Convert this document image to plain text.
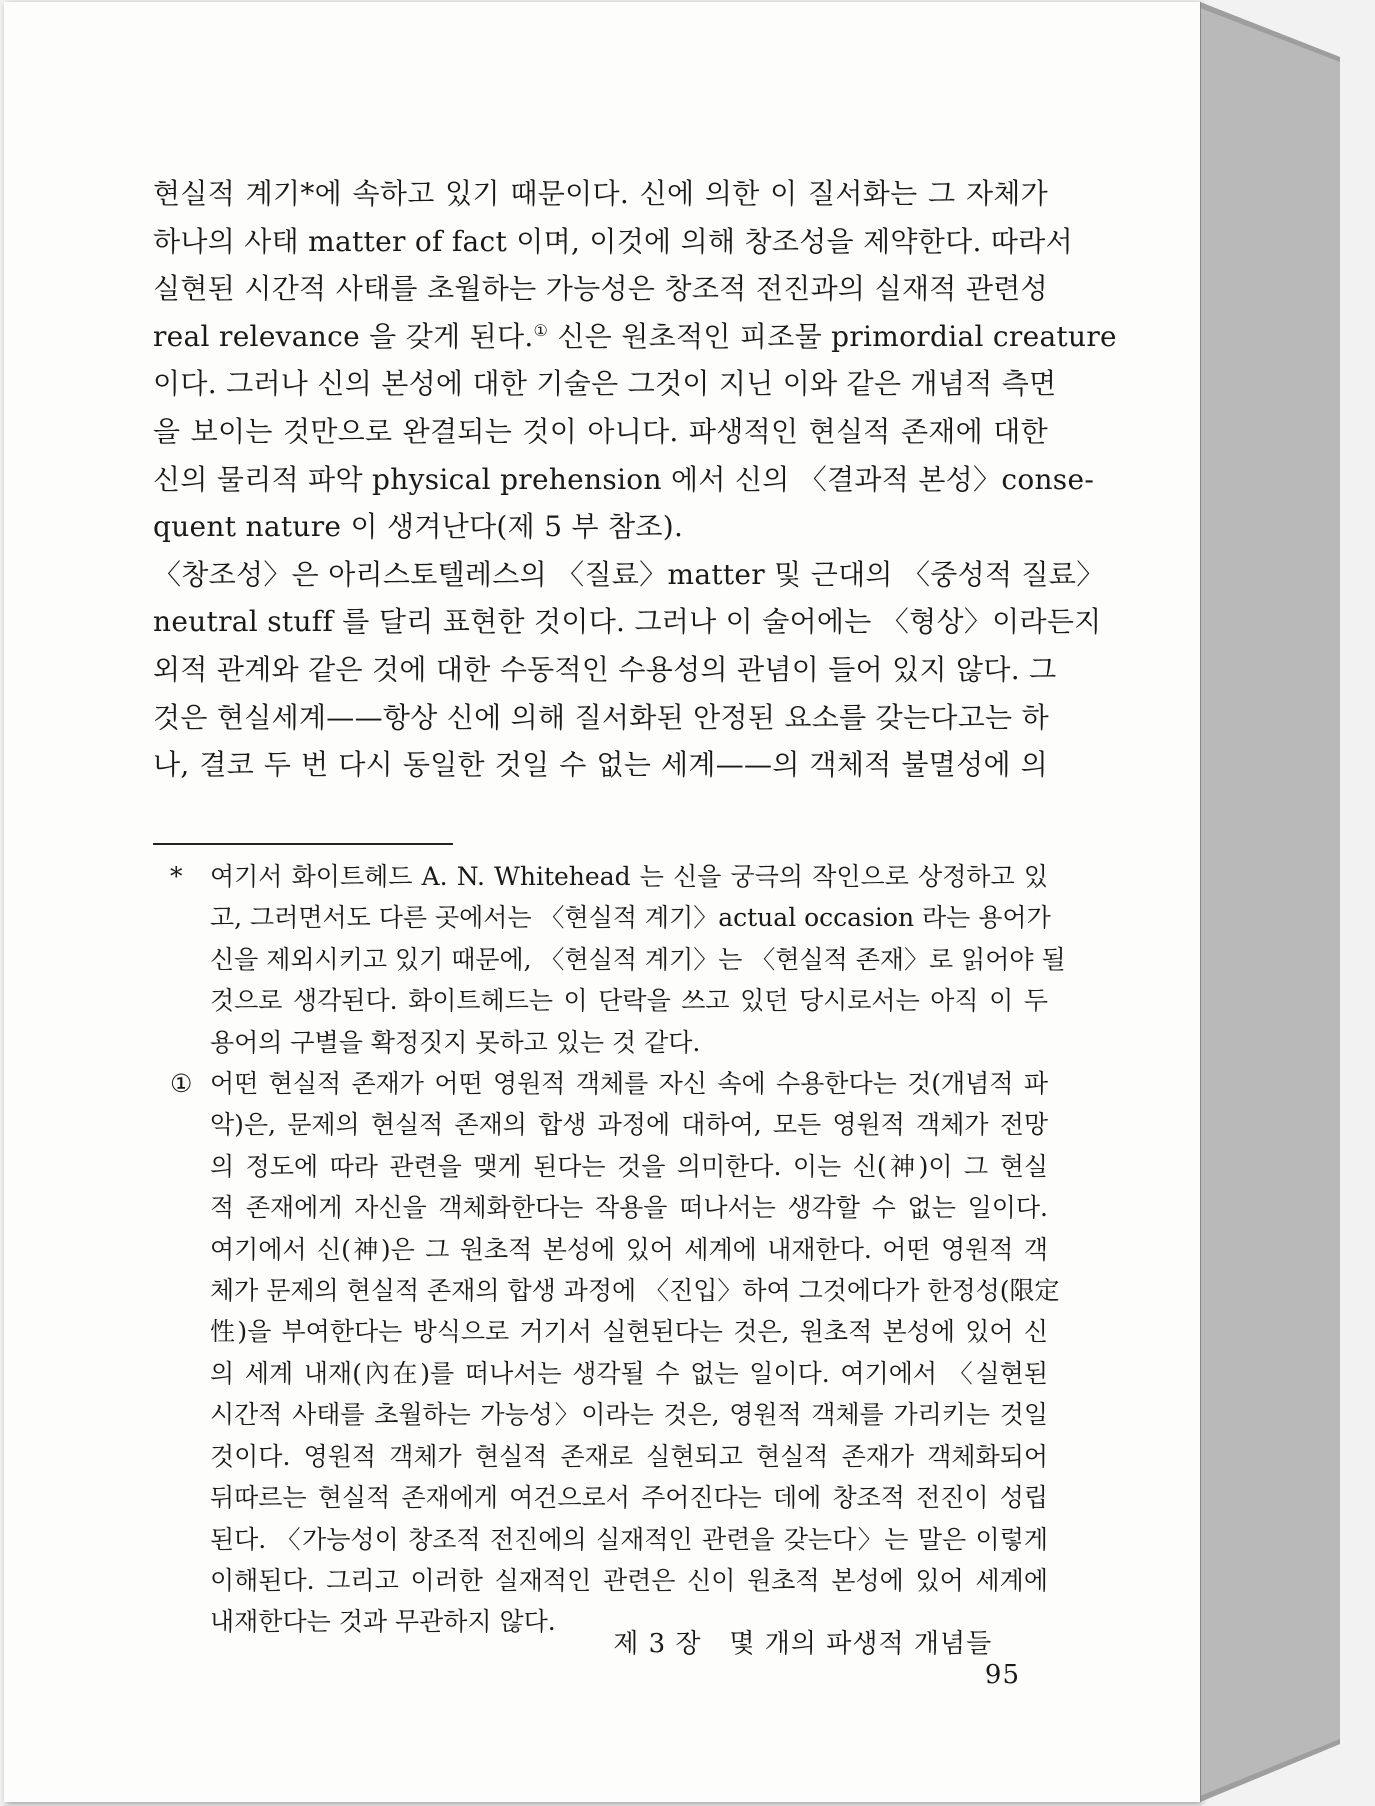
현실적 계기*에 속하고 있기 때문이다. 신에 의한 이 질서화는 그 자체가
하나의 사태 matter of fact 이며, 이것에 의해 창조성을 제약한다. 따라서
실현된 시간적 사태를 초월하는 가능성은 창조적 전진과의 실재적 관련성
real relevance 을 갖게 된다.① 신은 원초적인 피조물 primordial creature
이다. 그러나 신의 본성에 대한 기술은 그것이 지닌 이와 같은 개념적 측면
을 보이는 것만으로 완결되는 것이 아니다. 파생적인 현실적 존재에 대한
신의 물리적 파악 physical prehension 에서 신의 〈결과적 본성〉conse-
quent nature 이 생겨난다(제 5 부 참조).
〈창조성〉은 아리스토텔레스의 〈질료〉matter 및 근대의 〈중성적 질료〉
neutral stuff 를 달리 표현한 것이다. 그러나 이 술어에는 〈형상〉이라든지
외적 관계와 같은 것에 대한 수동적인 수용성의 관념이 들어 있지 않다. 그
것은 현실세계——항상 신에 의해 질서화된 안정된 요소를 갖는다고는 하
나, 결코 두 번 다시 동일한 것일 수 없는 세계——의 객체적 불멸성에 의
* 여기서 화이트헤드 A. N. Whitehead 는 신을 궁극의 작인으로 상정하고 있
고, 그러면서도 다른 곳에서는 〈현실적 계기〉actual occasion 라는 용어가
신을 제외시키고 있기 때문에, 〈현실적 계기〉는 〈현실적 존재〉로 읽어야 될
것으로 생각된다. 화이트헤드는 이 단락을 쓰고 있던 당시로서는 아직 이 두
용어의 구별을 확정짓지 못하고 있는 것 같다.
① 어떤 현실적 존재가 어떤 영원적 객체를 자신 속에 수용한다는 것(개념적 파
악)은, 문제의 현실적 존재의 합생 과정에 대하여, 모든 영원적 객체가 전망
의 정도에 따라 관련을 맺게 된다는 것을 의미한다. 이는 신(神)이 그 현실
적 존재에게 자신을 객체화한다는 작용을 떠나서는 생각할 수 없는 일이다.
여기에서 신(神)은 그 원초적 본성에 있어 세계에 내재한다. 어떤 영원적 객
체가 문제의 현실적 존재의 합생 과정에 〈진입〉하여 그것에다가 한정성(限定
性)을 부여한다는 방식으로 거기서 실현된다는 것은, 원초적 본성에 있어 신
의 세계 내재(內在)를 떠나서는 생각될 수 없는 일이다. 여기에서 〈실현된
시간적 사태를 초월하는 가능성〉이라는 것은, 영원적 객체를 가리키는 것일
것이다. 영원적 객체가 현실적 존재로 실현되고 현실적 존재가 객체화되어
뒤따르는 현실적 존재에게 여건으로서 주어진다는 데에 창조적 전진이 성립
된다. 〈가능성이 창조적 전진에의 실재적인 관련을 갖는다〉는 말은 이렇게
이해된다. 그리고 이러한 실재적인 관련은 신이 원초적 본성에 있어 세계에
내재한다는 것과 무관하지 않다.
제 3 장 몇 개의 파생적 개념들    95
